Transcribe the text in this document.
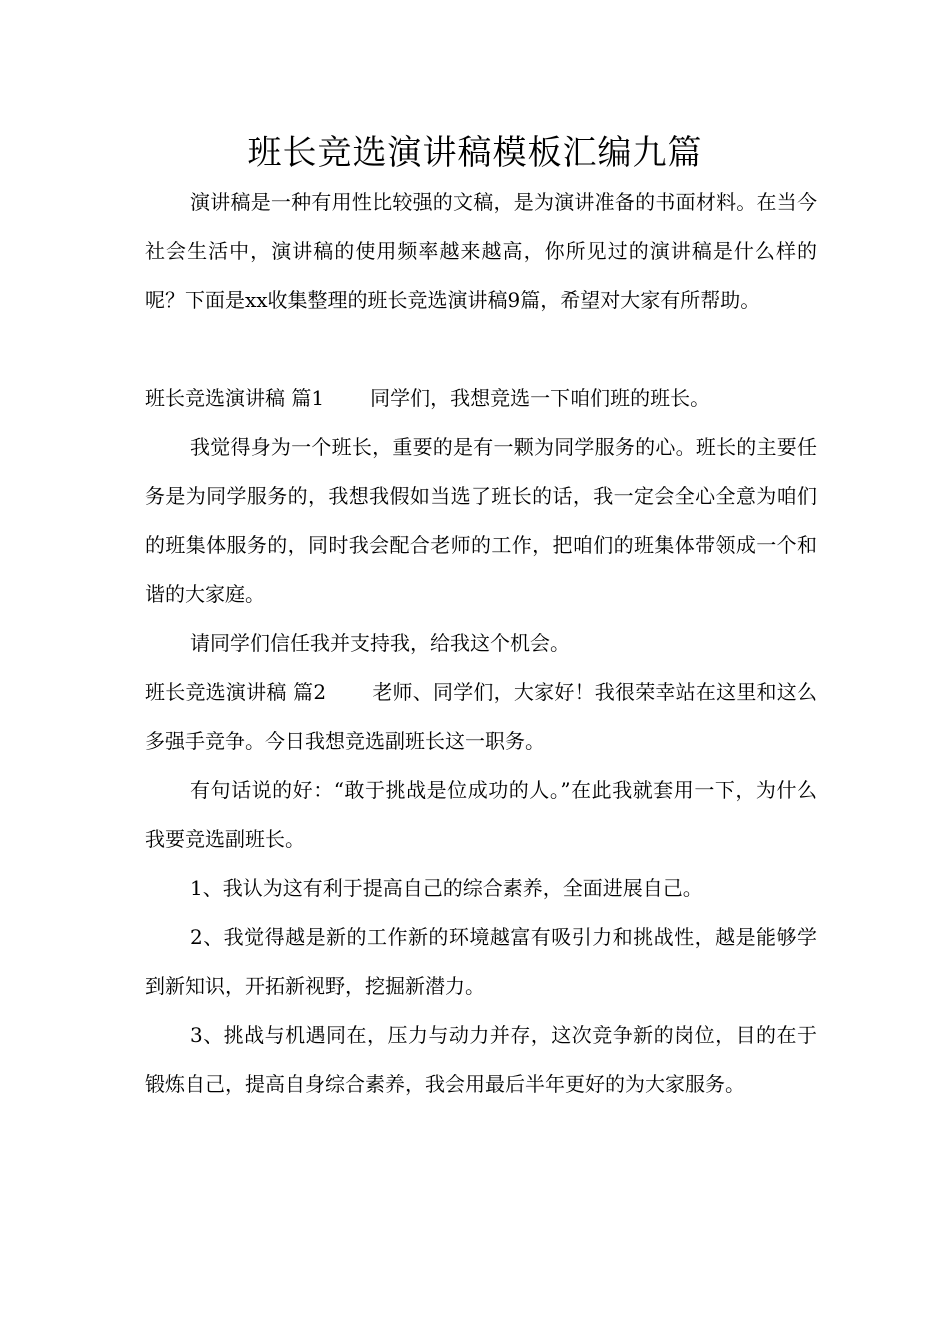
班长竞选演讲稿模板汇编九篇

演讲稿是一种有用性比较强的文稿，是为演讲准备的书面材料。在当今社会生活中，演讲稿的使用频率越来越高，你所见过的演讲稿是什么样的呢？下面是xx收集整理的班长竞选演讲稿9篇，希望对大家有所帮助。

班长竞选演讲稿 篇1 同学们，我想竞选一下咱们班的班长。

我觉得身为一个班长，重要的是有一颗为同学服务的心。班长的主要任务是为同学服务的，我想我假如当选了班长的话，我一定会全心全意为咱们的班集体服务的，同时我会配合老师的工作，把咱们的班集体带领成一个和谐的大家庭。

请同学们信任我并支持我，给我这个机会。

班长竞选演讲稿 篇2 老师、同学们，大家好！我很荣幸站在这里和这么多强手竞争。今日我想竞选副班长这一职务。

有句话说的好：“敢于挑战是位成功的人。”在此我就套用一下，为什么我要竞选副班长。

1、我认为这有利于提高自己的综合素养，全面进展自己。

2、我觉得越是新的工作新的环境越富有吸引力和挑战性，越是能够学到新知识，开拓新视野，挖掘新潜力。

3、挑战与机遇同在，压力与动力并存，这次竞争新的岗位，目的在于锻炼自己，提高自身综合素养，我会用最后半年更好的为大家服务。
